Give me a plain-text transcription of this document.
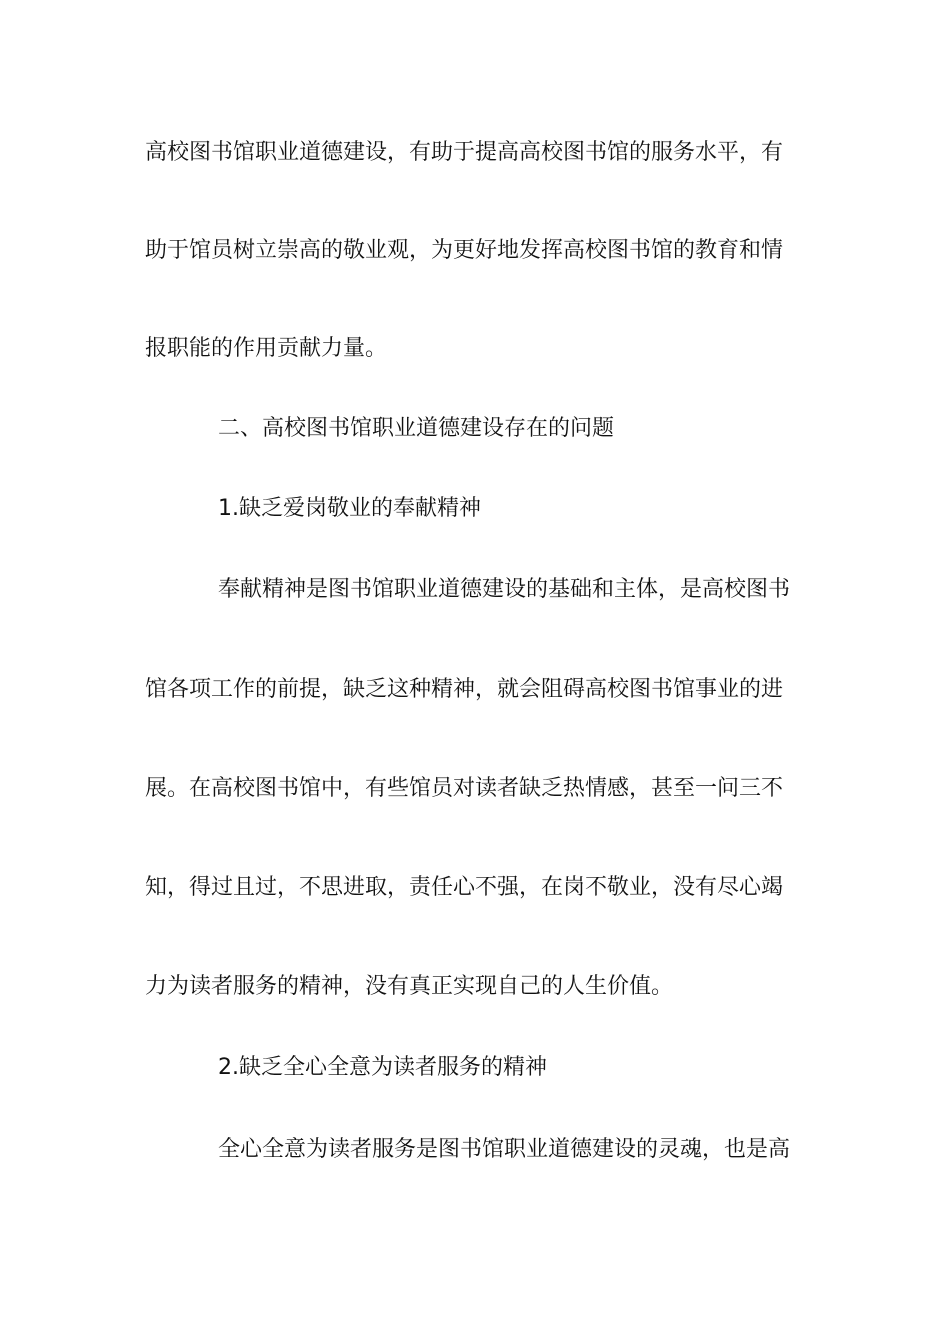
高校图书馆职业道德建设，有助于提高高校图书馆的服务水平，有

助于馆员树立崇高的敬业观，为更好地发挥高校图书馆的教育和情

报职能的作用贡献力量。

二、高校图书馆职业道德建设存在的问题

1.缺乏爱岗敬业的奉献精神

奉献精神是图书馆职业道德建设的基础和主体，是高校图书

馆各项工作的前提，缺乏这种精神，就会阻碍高校图书馆事业的进

展。在高校图书馆中，有些馆员对读者缺乏热情感，甚至一问三不

知，得过且过，不思进取，责任心不强，在岗不敬业，没有尽心竭

力为读者服务的精神，没有真正实现自己的人生价值。

2.缺乏全心全意为读者服务的精神

全心全意为读者服务是图书馆职业道德建设的灵魂，也是高
